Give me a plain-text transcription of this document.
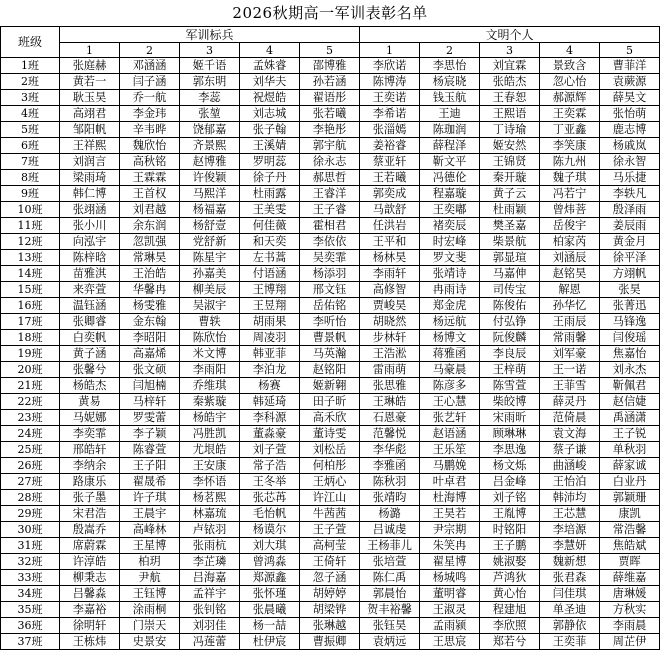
2026秋期高一军训表彰名单
班级	军训标兵					文明个人				
	1	2	3	4	5	1	2	3	4	5
1班	张庭赫	邓涵涵	姬千语	孟姝睿	邵博雅	李欣诺	李思怡	刘宜霖	景致含	曹菲洋
2班	黄若一	闫子涵	郭东明	刘华夫	孙若涵	陈博涛	杨宸晓	张皓杰	忽心怡	袁蕨源
3班	耿玉昊	乔一航	李蕊	祝煜皓	翟语彤	王奕诺	钱玉航	王春恕	郝源辉	薛昊文
4班	高翊君	李金玮	张堃	刘志城	张若曦	李希诺	王迪	王熙语	王奕霖	张怡萌
5班	邹阳帆	辛韦晔	饶郁嘉	张子翰	李艳彤	张淄嫣	陈珈润	丁诗瑜	丁亚鑫	鹿志博
6班	王祥熙	魏欣怡	齐景熙	王溪婧	郭宇航	姜裕睿	薛程泽	姬安然	李笑康	杨戚岚
7班	刘润言	高秋铭	赵博雅	罗明蕊	徐永志	蔡亚轩	靳文平	王锦贤	陈九州	徐永智
8班	梁雨琦	王霖霖	许俊颖	徐子丹	郝思哲	王若曦	冯德伦	秦开璇	魏子琪	马乐捷
9班	韩仁博	王首权	马熙洋	杜雨露	王睿洋	郭奕成	程嘉璇	黄子云	冯若宁	李轶凡
10班	张翊涵	刘君越	杨福嘉	王美雯	王子睿	马歆舒	王奕嘟	杜雨颖	曾炜菩	殷泽雨
11班	张小川	余东润	杨舒壹	何佳薇	霍相君	任洪岩	褚奕辰	樊圣嘉	岳俊宇	姜辰雨
12班	向泓宇	忽凯强	党舒新	和天奕	李依依	王平和	时宏峰	柴景航	柏家芮	黄金月
13班	陈梓晗	常琳昊	陈星宇	左书蒿	吴奕霏	杨林昊	罗文斐	郭显瑄	刘涵辰	徐平泽
14班	苗雅淇	王治皓	孙嘉美	付语涵	杨添羽	李雨轩	张靖诗	马嘉伸	赵铭昊	方翊帆
15班	来弈萱	华馨冉	柳美辰	王博翔	邢文钰	高修智	冉雨诗	司传宝	解恩	张昊
16班	温钰涵	杨雯雅	吴淑宇	王昱翔	岳佑铭	贾峻昊	郑金虎	陈俊佑	孙华忆	张菁迅
17班	张卿睿	金东翰	曹轶	胡雨果	李听怡	胡晓然	杨远航	付弘铮	王雨辰	马锋逸
18班	白奕帆	李昭阳	陈欣怡	周凌羽	曹景帆	步林轩	杨博文	阮俊麟	常雨馨	闫俊瑶
19班	黄子涵	高嘉烯	米文博	韩亚菲	马英瀚	王浩淞	蒋雅函	李良辰	刘军豪	焦嘉怡
20班	张馨兮	张文硕	李雨阳	李泊龙	赵铭阳	雷雨萌	马豪晨	王梓萌	王一诺	刘永杰
21班	杨皓杰	闫旭楠	乔维琪	杨赛	姬新翱	张思雅	陈彦多	陈雪萱	王菲雪	靳佩君
22班	黄易	马梓轩	秦紫璇	韩延琦	田子昕	王琳皓	王心慧	柴皎博	薛灵丹	赵信婕
23班	马妮娜	罗雯蕾	杨皓宇	李科源	高禾欣	石恩豪	张艺轩	宋雨昕	范倚晨	禹涵潇
24班	李奕霏	李子颖	冯胜凯	董淼豪	董诗雯	范馨悦	赵语涵	顾琳琳	袁文海	王子锐
25班	邢皓轩	陈睿萱	尤垠皓	刘子萱	刘松岳	李华彪	王乐笙	李思逸	蔡子谦	单秋羽
26班	李纳余	王子阳	王安康	常子浩	何柏彤	李雅函	马鹏娩	杨文烁	曲涵峻	薛家诚
27班	路康乐	翟晟希	李怀语	王冬举	王炳心	陈秋羽	叶卓君	吕金峰	王怡泊	白业丹
28班	张子墨	许子琪	杨茗熙	张芯苒	许江山	张靖昀	杜海博	刘子铭	韩沛均	郭颖珊
29班	宋君浩	王晨宇	林嘉琉	毛怡帆	牛茜茜	杨潞	王昊若	王胤博	王芯慧	康凯
30班	殷嵩乔	高峰林	卢铱羽	杨谟尔	王子萱	吕诚虔	尹宗期	时铭阳	李培源	常浩馨
31班	席蔚霖	王星博	张雨杭	刘大琪	高柯莹	王杨菲儿	朱笑冉	王子鹏	李慧妍	焦皓斌
32班	许淳皓	柏玥	李芷璘	曾鸿淼	王倚轩	张培萱	翟星博	姚淑娶	魏新想	贾晖
33班	柳秉志	尹航	吕海嘉	郑源鑫	忽子涵	陈仁禹	杨城鸣	芦鸿狄	张君森	薛维嘉
34班	吕馨淼	王钰博	孟祥宇	张怀瑾	胡婷婷	郭晨怡	董明睿	黄心怡	闫佳琪	唐琳媛
35班	李嘉裕	涂雨桐	张钊铭	张晨曦	胡梁铧	贺丰裕馨	王淑灵	程建旭	单圣迪	方秋实
36班	徐明轩	门崇天	刘羽佳	杨一喆	张琳越	张钰昊	孟雨颍	李欣照	郭静依	李雨晨
37班	王栋炜	史景安	冯莲蕾	杜伊宸	曹振卿	袁炳远	王思宸	郑若兮	王奕菲	周芷伊
